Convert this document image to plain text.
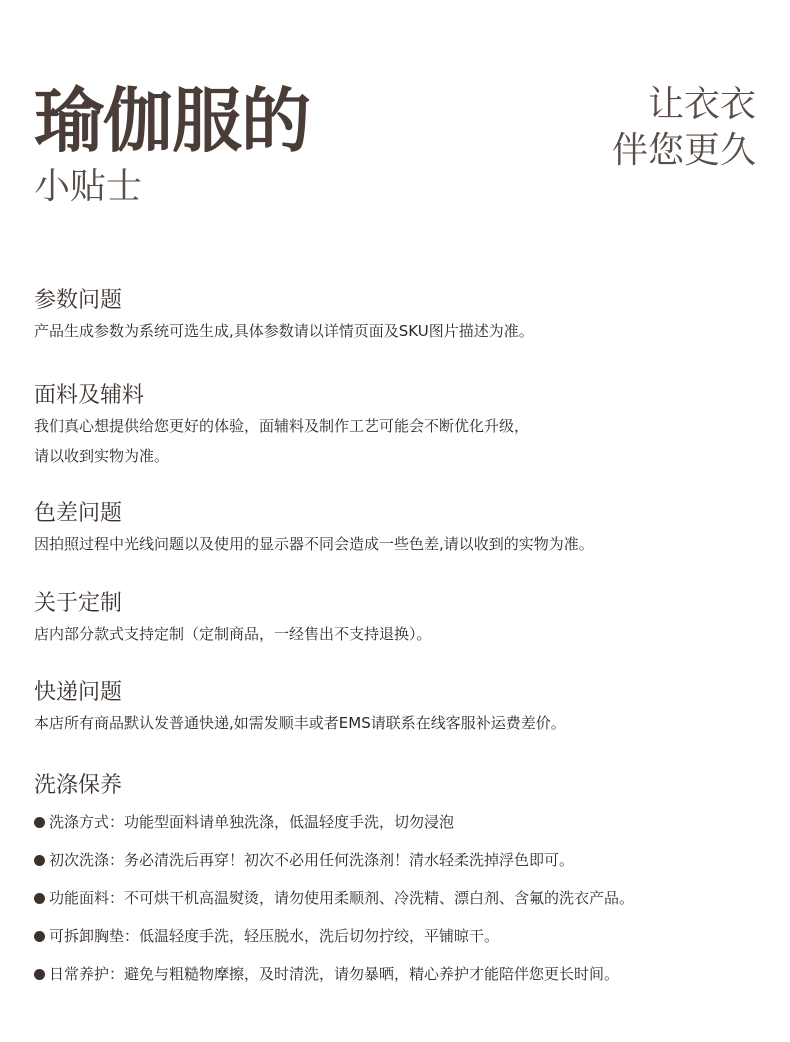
瑜伽服的
小贴士
让衣衣
伴您更久
参数问题

产品生成参数为系统可选生成,具体参数请以详情页面及SKU图片描述为准。

面料及辅料

我们真心想提供给您更好的体验，面辅料及制作工艺可能会不断优化升级，

请以收到实物为准。

色差问题

因拍照过程中光线问题以及使用的显示器不同会造成一些色差,请以收到的实物为准。

关于定制

店内部分款式支持定制（定制商品，一经售出不支持退换）。

快递问题

本店所有商品默认发普通快递,如需发顺丰或者EMS请联系在线客服补运费差价。

洗涤保养
洗涤方式：功能型面料请单独洗涤，低温轻度手洗，切勿浸泡
初次洗涤：务必清洗后再穿！初次不必用任何洗涤剂！清水轻柔洗掉浮色即可。
功能面料：不可烘干机高温熨烫，请勿使用柔顺剂、冷洗精、漂白剂、含氟的洗衣产品。
可拆卸胸垫：低温轻度手洗，轻压脱水，洗后切勿拧绞，平铺晾干。
日常养护：避免与粗糙物摩擦，及时清洗，请勿暴晒，精心养护才能陪伴您更长时间。
